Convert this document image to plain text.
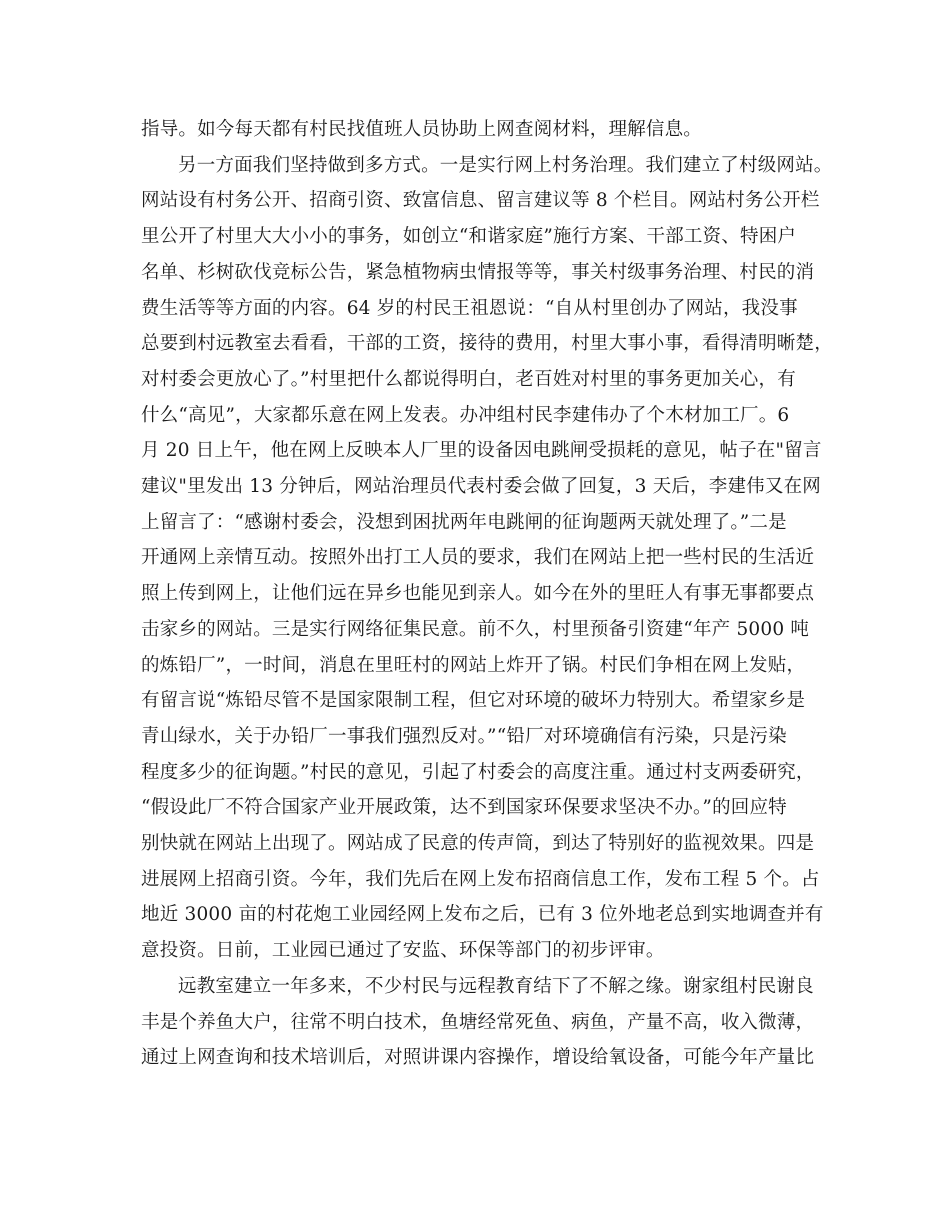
指导。如今每天都有村民找值班人员协助上网查阅材料，理解信息。
另一方面我们坚持做到多方式。一是实行网上村务治理。我们建立了村级网站。
网站设有村务公开、招商引资、致富信息、留言建议等 8 个栏目。网站村务公开栏
里公开了村里大大小小的事务，如创立“和谐家庭”施行方案、干部工资、特困户
名单、杉树砍伐竞标公告，紧急植物病虫情报等等，事关村级事务治理、村民的消
费生活等等方面的内容。64 岁的村民王祖恩说：“自从村里创办了网站，我没事
总要到村远教室去看看，干部的工资，接待的费用，村里大事小事，看得清明晰楚，
对村委会更放心了。”村里把什么都说得明白，老百姓对村里的事务更加关心，有
什么“高见”，大家都乐意在网上发表。办冲组村民李建伟办了个木材加工厂。6
月 20 日上午，他在网上反映本人厂里的设备因电跳闸受损耗的意见，帖子在"留言
建议"里发出 13 分钟后，网站治理员代表村委会做了回复，3 天后，李建伟又在网
上留言了：“感谢村委会，没想到困扰两年电跳闸的征询题两天就处理了。”二是
开通网上亲情互动。按照外出打工人员的要求，我们在网站上把一些村民的生活近
照上传到网上，让他们远在异乡也能见到亲人。如今在外的里旺人有事无事都要点
击家乡的网站。三是实行网络征集民意。前不久，村里预备引资建“年产 5000 吨
的炼铅厂”，一时间，消息在里旺村的网站上炸开了锅。村民们争相在网上发贴，
有留言说“炼铅尽管不是国家限制工程，但它对环境的破坏力特别大。希望家乡是
青山绿水，关于办铅厂一事我们强烈反对。”“铅厂对环境确信有污染，只是污染
程度多少的征询题。”村民的意见，引起了村委会的高度注重。通过村支两委研究，
“假设此厂不符合国家产业开展政策，达不到国家环保要求坚决不办。”的回应特
别快就在网站上出现了。网站成了民意的传声筒，到达了特别好的监视效果。四是
进展网上招商引资。今年，我们先后在网上发布招商信息工作，发布工程 5 个。占
地近 3000 亩的村花炮工业园经网上发布之后，已有 3 位外地老总到实地调查并有
意投资。日前，工业园已通过了安监、环保等部门的初步评审。
远教室建立一年多来，不少村民与远程教育结下了不解之缘。谢家组村民谢良
丰是个养鱼大户，往常不明白技术，鱼塘经常死鱼、病鱼，产量不高，收入微薄，
通过上网查询和技术培训后，对照讲课内容操作，增设给氧设备，可能今年产量比
